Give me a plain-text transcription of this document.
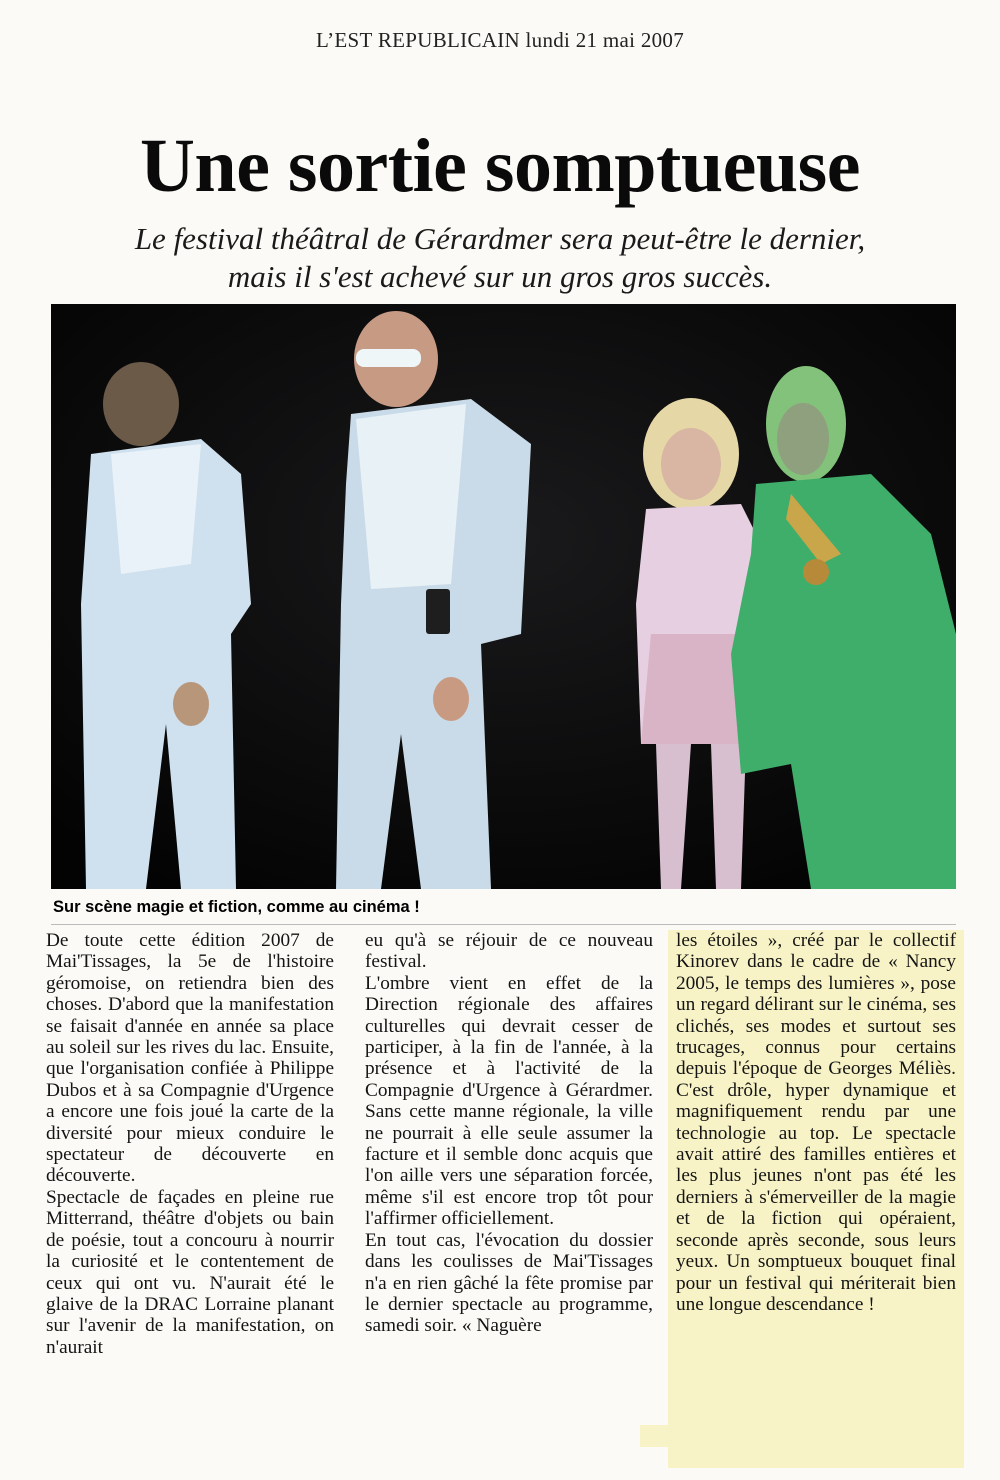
L’EST REPUBLICAIN lundi 21 mai 2007
Une sortie somptueuse
Le festival théâtral de Gérardmer sera peut-être le dernier,
mais il s'est achevé sur un gros gros succès.
Sur scène magie et fiction, comme au cinéma !

De toute cette édition 2007 de Mai'Tissages, la 5e de l'histoire géromoise, on retiendra bien des choses. D'abord que la manifestation se faisait d'année en année sa place au soleil sur les rives du lac. Ensuite, que l'organisation confiée à Philippe Dubos et à sa Compagnie d'Urgence a encore une fois joué la carte de la diversité pour mieux conduire le spectateur de découverte en découverte.

Spectacle de façades en pleine rue Mitterrand, théâtre d'objets ou bain de poésie, tout a concouru à nourrir la curiosité et le contentement de ceux qui ont vu. N'aurait été le glaive de la DRAC Lorraine planant sur l'avenir de la manifestation, on n'aurait

eu qu'à se réjouir de ce nouveau festival.

L'ombre vient en effet de la Direction régionale des affaires culturelles qui devrait cesser de participer, à la fin de l'année, à la présence et à l'activité de la Compagnie d'Urgence à Gérardmer. Sans cette manne régionale, la ville ne pourrait à elle seule assumer la facture et il semble donc acquis que l'on aille vers une séparation forcée, même s'il est encore trop tôt pour l'affirmer officiellement.

En tout cas, l'évocation du dossier dans les coulisses de Mai'Tissages n'a en rien gâché la fête promise par le dernier spectacle au programme, samedi soir. « Naguère

les étoiles », créé par le collectif Kinorev dans le cadre de « Nancy 2005, le temps des lumières », pose un regard délirant sur le cinéma, ses clichés, ses modes et surtout ses trucages, connus pour certains depuis l'époque de Georges Méliès. C'est drôle, hyper dynamique et magnifiquement rendu par une technologie au top. Le spectacle avait attiré des familles entières et les plus jeunes n'ont pas été les derniers à s'émerveiller de la magie et de la fiction qui opéraient, seconde après seconde, sous leurs yeux. Un somptueux bouquet final pour un festival qui mériterait bien une longue descendance !
